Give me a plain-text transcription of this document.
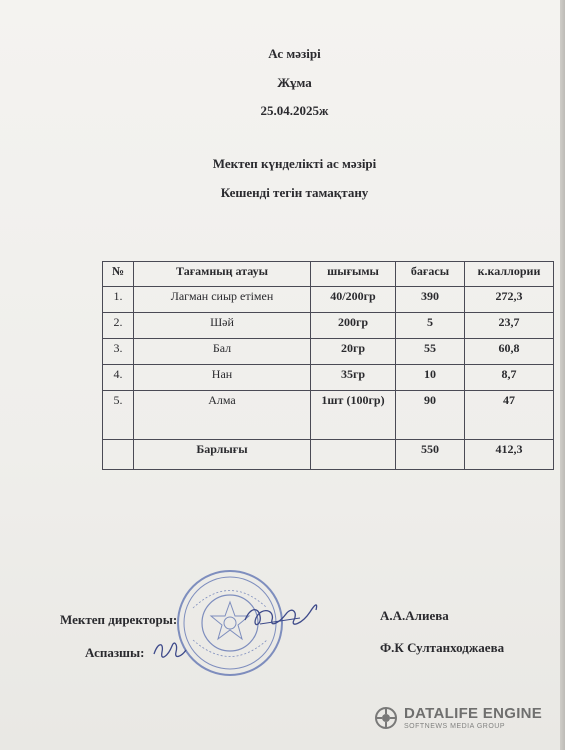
Ас мәзірі

Жұма

25.04.2025ж

Мектеп күнделікті ас мәзірі

Кешенді тегін тамақтану

№	Тағамның атауы	шығымы	бағасы	к.каллории
1.	Лагман сиыр етімен	40/200гр	390	272,3
2.	Шәй	200гр	5	23,7
3.	Бал	20гр	55	60,8
4.	Нан	35гр	10	8,7
5.	Алма	1шт (100гр)	90	47
	Барлығы		550	412,3

Мектеп директоры:

Аспазшы:

А.А.Алиева

Ф.К Султанходжаева

DATALIFE ENGINE
SOFTNEWS MEDIA GROUP
